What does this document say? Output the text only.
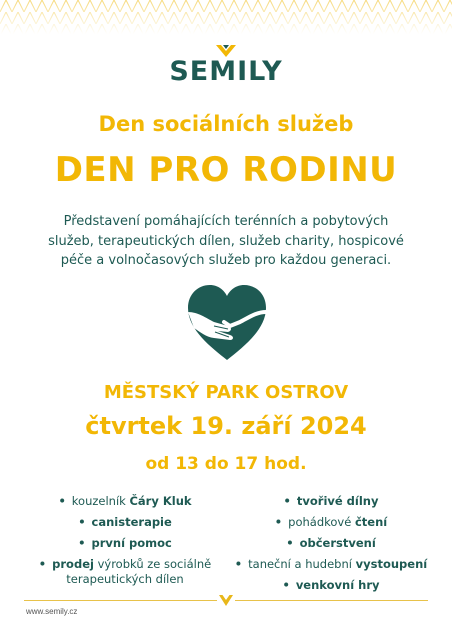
SEMILY
Den sociálních služeb
DEN PRO RODINU
Představení pomáhajících terénních a pobytových služeb, terapeutických dílen, služeb charity, hospicové péče a volnočasových služeb pro každou generaci.
MĚSTSKÝ PARK OSTROV
čtvrtek 19. září 2024
od 13 do 17 hod.
• kouzelník Čáry Kluk
• canisterapie
• první pomoc
• prodej výrobků ze sociálně terapeutických dílen
• tvořivé dílny
• pohádkové čtení
• občerstvení
• taneční a hudební vystoupení
• venkovní hry
www.semily.cz
